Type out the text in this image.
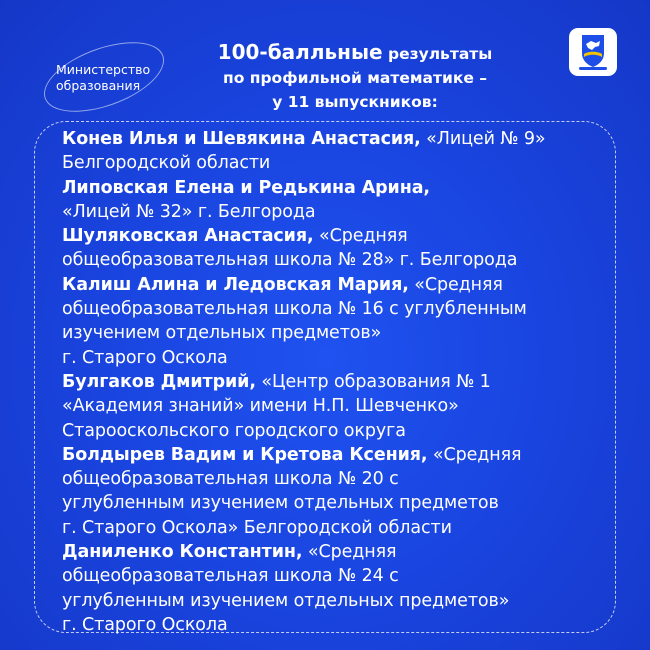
Министерство
образования
100-балльные результаты
по профильной математике –
у 11 выпускников:
Конев Илья и Шевякина Анастасия, «Лицей № 9»
Белгородской области
Липовская Елена и Редькина Арина,
«Лицей № 32» г. Белгорода
Шуляковская Анастасия, «Средняя
общеобразовательная школа № 28» г. Белгорода
Калиш Алина и Ледовская Мария, «Средняя
общеобразовательная школа № 16 с углубленным
изучением отдельных предметов»
г. Старого Оскола
Булгаков Дмитрий, «Центр образования № 1
«Академия знаний» имени Н.П. Шевченко»
Старооскольского городского округа
Болдырев Вадим и Кретова Ксения, «Средняя
общеобразовательная школа № 20 с
углубленным изучением отдельных предметов
г. Старого Оскола» Белгородской области
Даниленко Константин, «Средняя
общеобразовательная школа № 24 с
углубленным изучением отдельных предметов»
г. Старого Оскола
